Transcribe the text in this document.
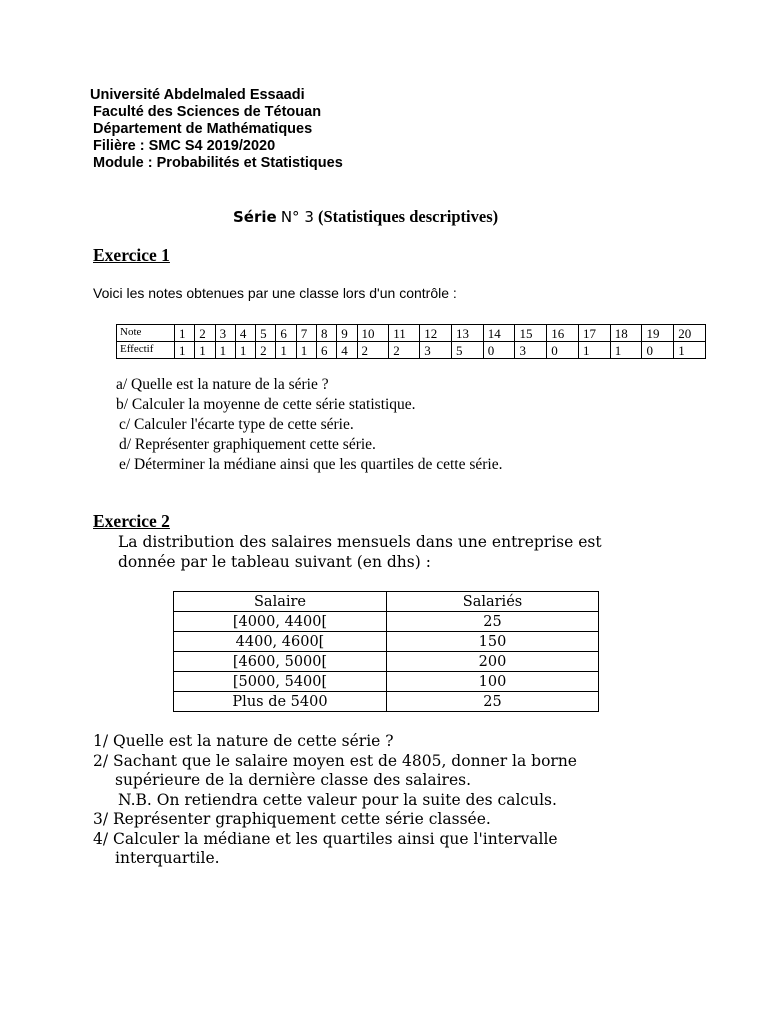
Université Abdelmaled Essaadi
Faculté des Sciences de Tétouan
Département de Mathématiques
Filière : SMC S4 2019/2020
Module : Probabilités et Statistiques
Série N° 3 (Statistiques descriptives)
Exercice 1
Voici les notes obtenues par une classe lors d'un contrôle :
Note	1	2	3	4	5	6	7	8	9	10	11	12	13	14	15	16	17	18	19	20
Effectif	1	1	1	1	2	1	1	6	4	2	2	3	5	0	3	0	1	1	0	1
a/ Quelle est la nature de la série ?
b/ Calculer la moyenne de cette série statistique.
c/ Calculer l'écarte type de cette série.
d/ Représenter graphiquement cette série.
e/ Déterminer la médiane ainsi que les quartiles de cette série.
Exercice 2
La distribution des salaires mensuels dans une entreprise est
donnée par le tableau suivant (en dhs) :
Salaire	Salariés
[4000, 4400[	25
4400, 4600[	150
[4600, 5000[	200
[5000, 5400[	100
Plus de 5400	25
1/ Quelle est la nature de cette série ?
2/ Sachant que le salaire moyen est de 4805, donner la borne
supérieure de la dernière classe des salaires.
N.B. On retiendra cette valeur pour la suite des calculs.
3/ Représenter graphiquement cette série classée.
4/ Calculer la médiane et les quartiles ainsi que l'intervalle
interquartile.
